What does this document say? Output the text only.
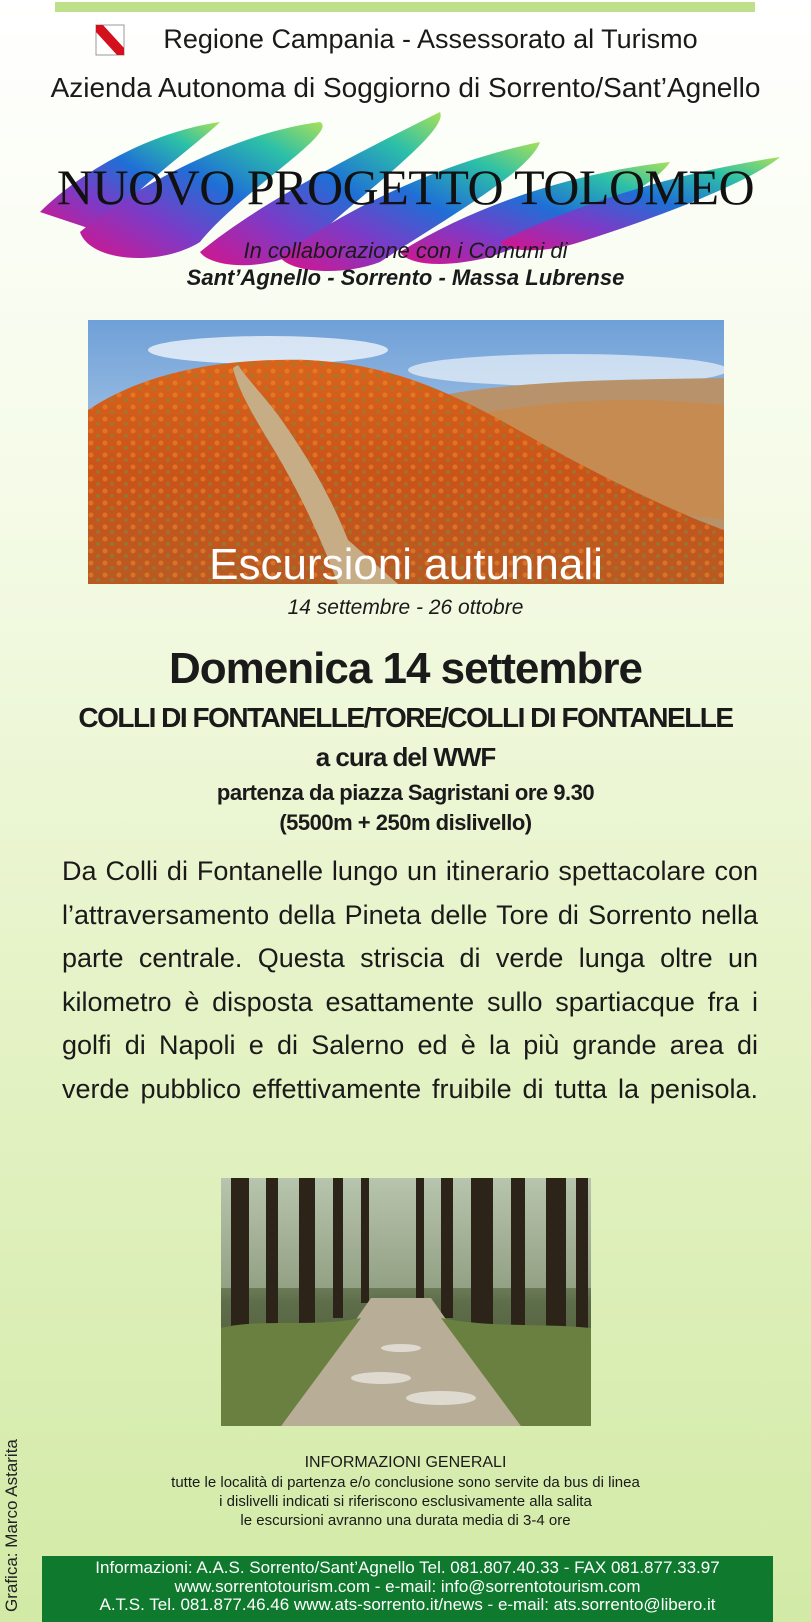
Regione Campania - Assessorato al Turismo
Azienda Autonoma di Soggiorno di Sorrento/Sant’Agnello
NUOVO PROGETTO TOLOMEO
In collaborazione con i Comuni di
Sant’Agnello - Sorrento - Massa Lubrense
Escursioni autunnali
14 settembre - 26 ottobre
Domenica 14 settembre
COLLI DI FONTANELLE/TORE/COLLI DI FONTANELLE
a cura del WWF
partenza da piazza Sagristani ore 9.30
(5500m + 250m dislivello)
Da Colli di Fontanelle lungo un itinerario spettacolare con l’attraversamento della Pineta delle Tore di Sorrento nella parte centrale. Questa striscia di verde lunga oltre un kilometro è disposta esattamente sullo spartiacque fra i golfi di Napoli e di Salerno ed è la più grande area di verde pubblico effettivamente fruibile di tutta la penisola.
INFORMAZIONI GENERALI
tutte le località di partenza e/o conclusione sono servite da bus di linea
i dislivelli indicati si riferiscono esclusivamente alla salita
le escursioni avranno una durata media di 3-4 ore
Grafica: Marco Astarita	Informazioni: A.A.S. Sorrento/Sant’Agnello Tel. 081.807.40.33 - FAX 081.877.33.97
www.sorrentotourism.com - e-mail: info@sorrentotourism.com
A.T.S. Tel. 081.877.46.46 www.ats-sorrento.it/news - e-mail: ats.sorrento@libero.it
